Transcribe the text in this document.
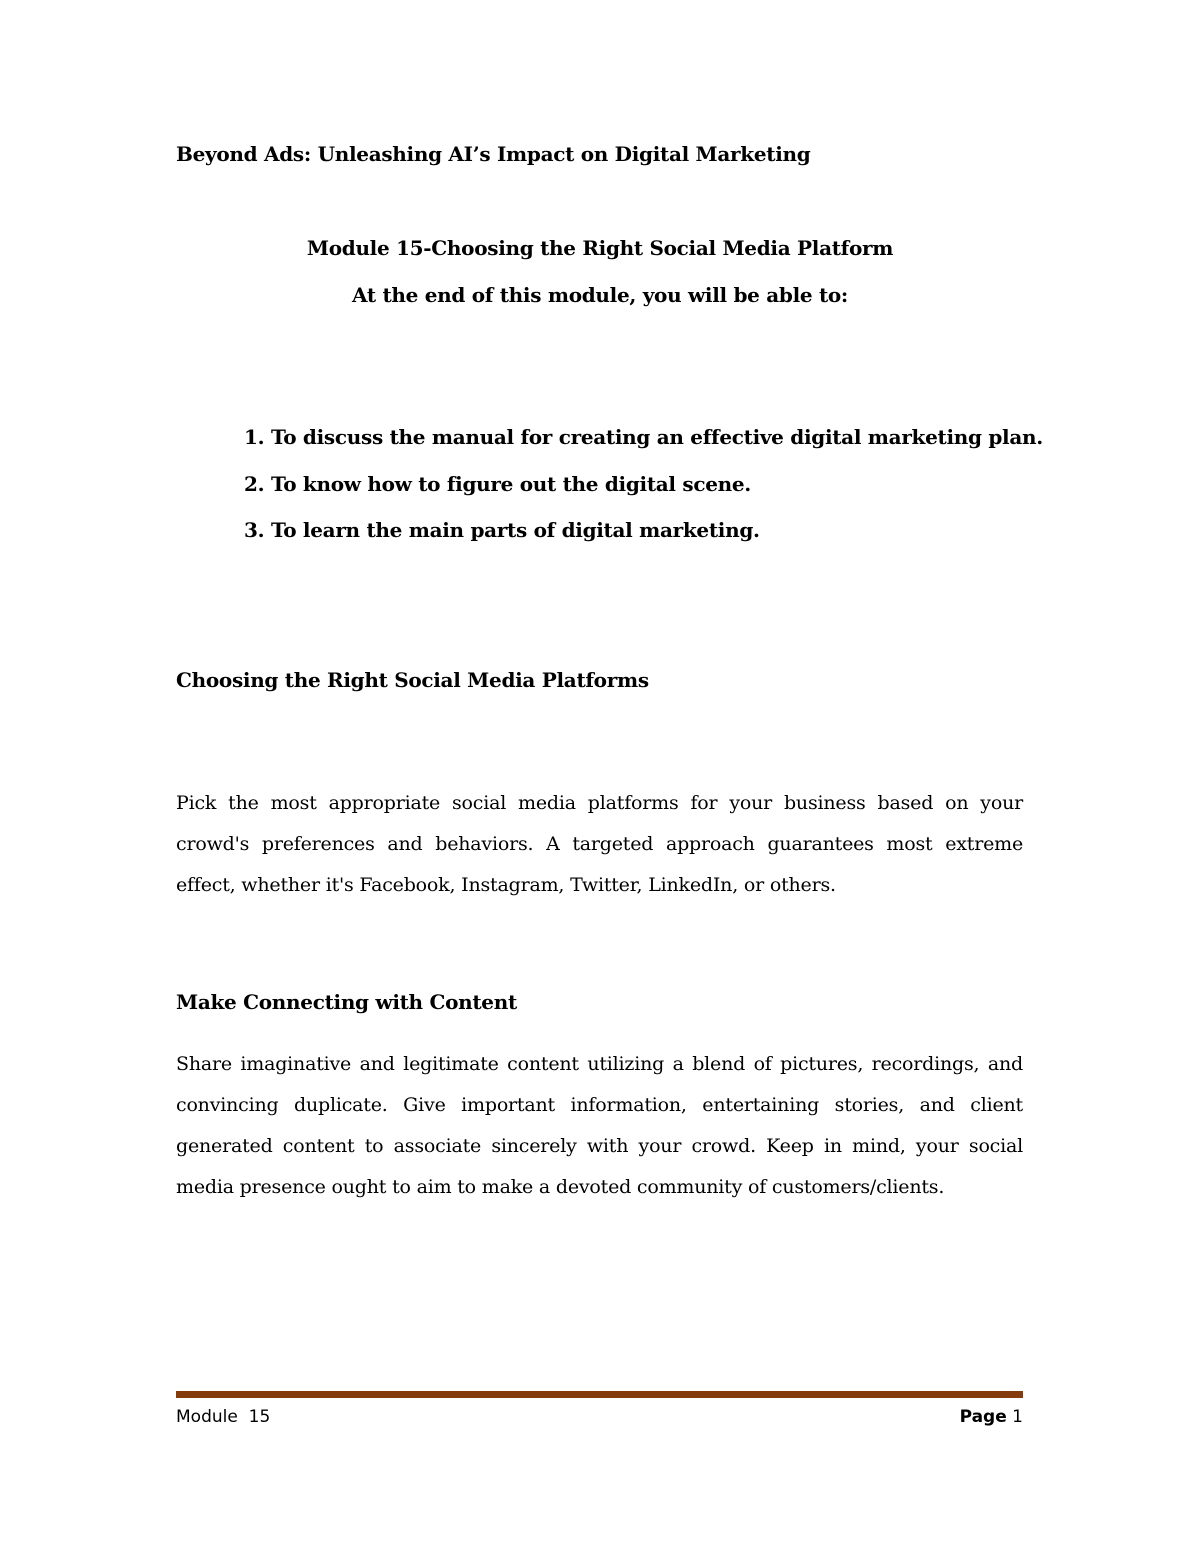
Beyond Ads: Unleashing AI’s Impact on Digital Marketing
Module 15-Choosing the Right Social Media Platform

At the end of this module, you will be able to:

1. To discuss the manual for creating an effective digital marketing plan.
2. To know how to figure out the digital scene.
3. To learn the main parts of digital marketing.
Choosing the Right Social Media Platforms

Pick the most appropriate social media platforms for your business based on your crowd's preferences and behaviors. A targeted approach guarantees most extreme effect, whether it's Facebook, Instagram, Twitter, LinkedIn, or others.

Make Connecting with Content

Share imaginative and legitimate content utilizing a blend of pictures, recordings, and convincing duplicate. Give important information, entertaining stories, and client generated content to associate sincerely with your crowd. Keep in mind, your social media presence ought to aim to make a devoted community of customers/clients.

Module  15	Page 1
